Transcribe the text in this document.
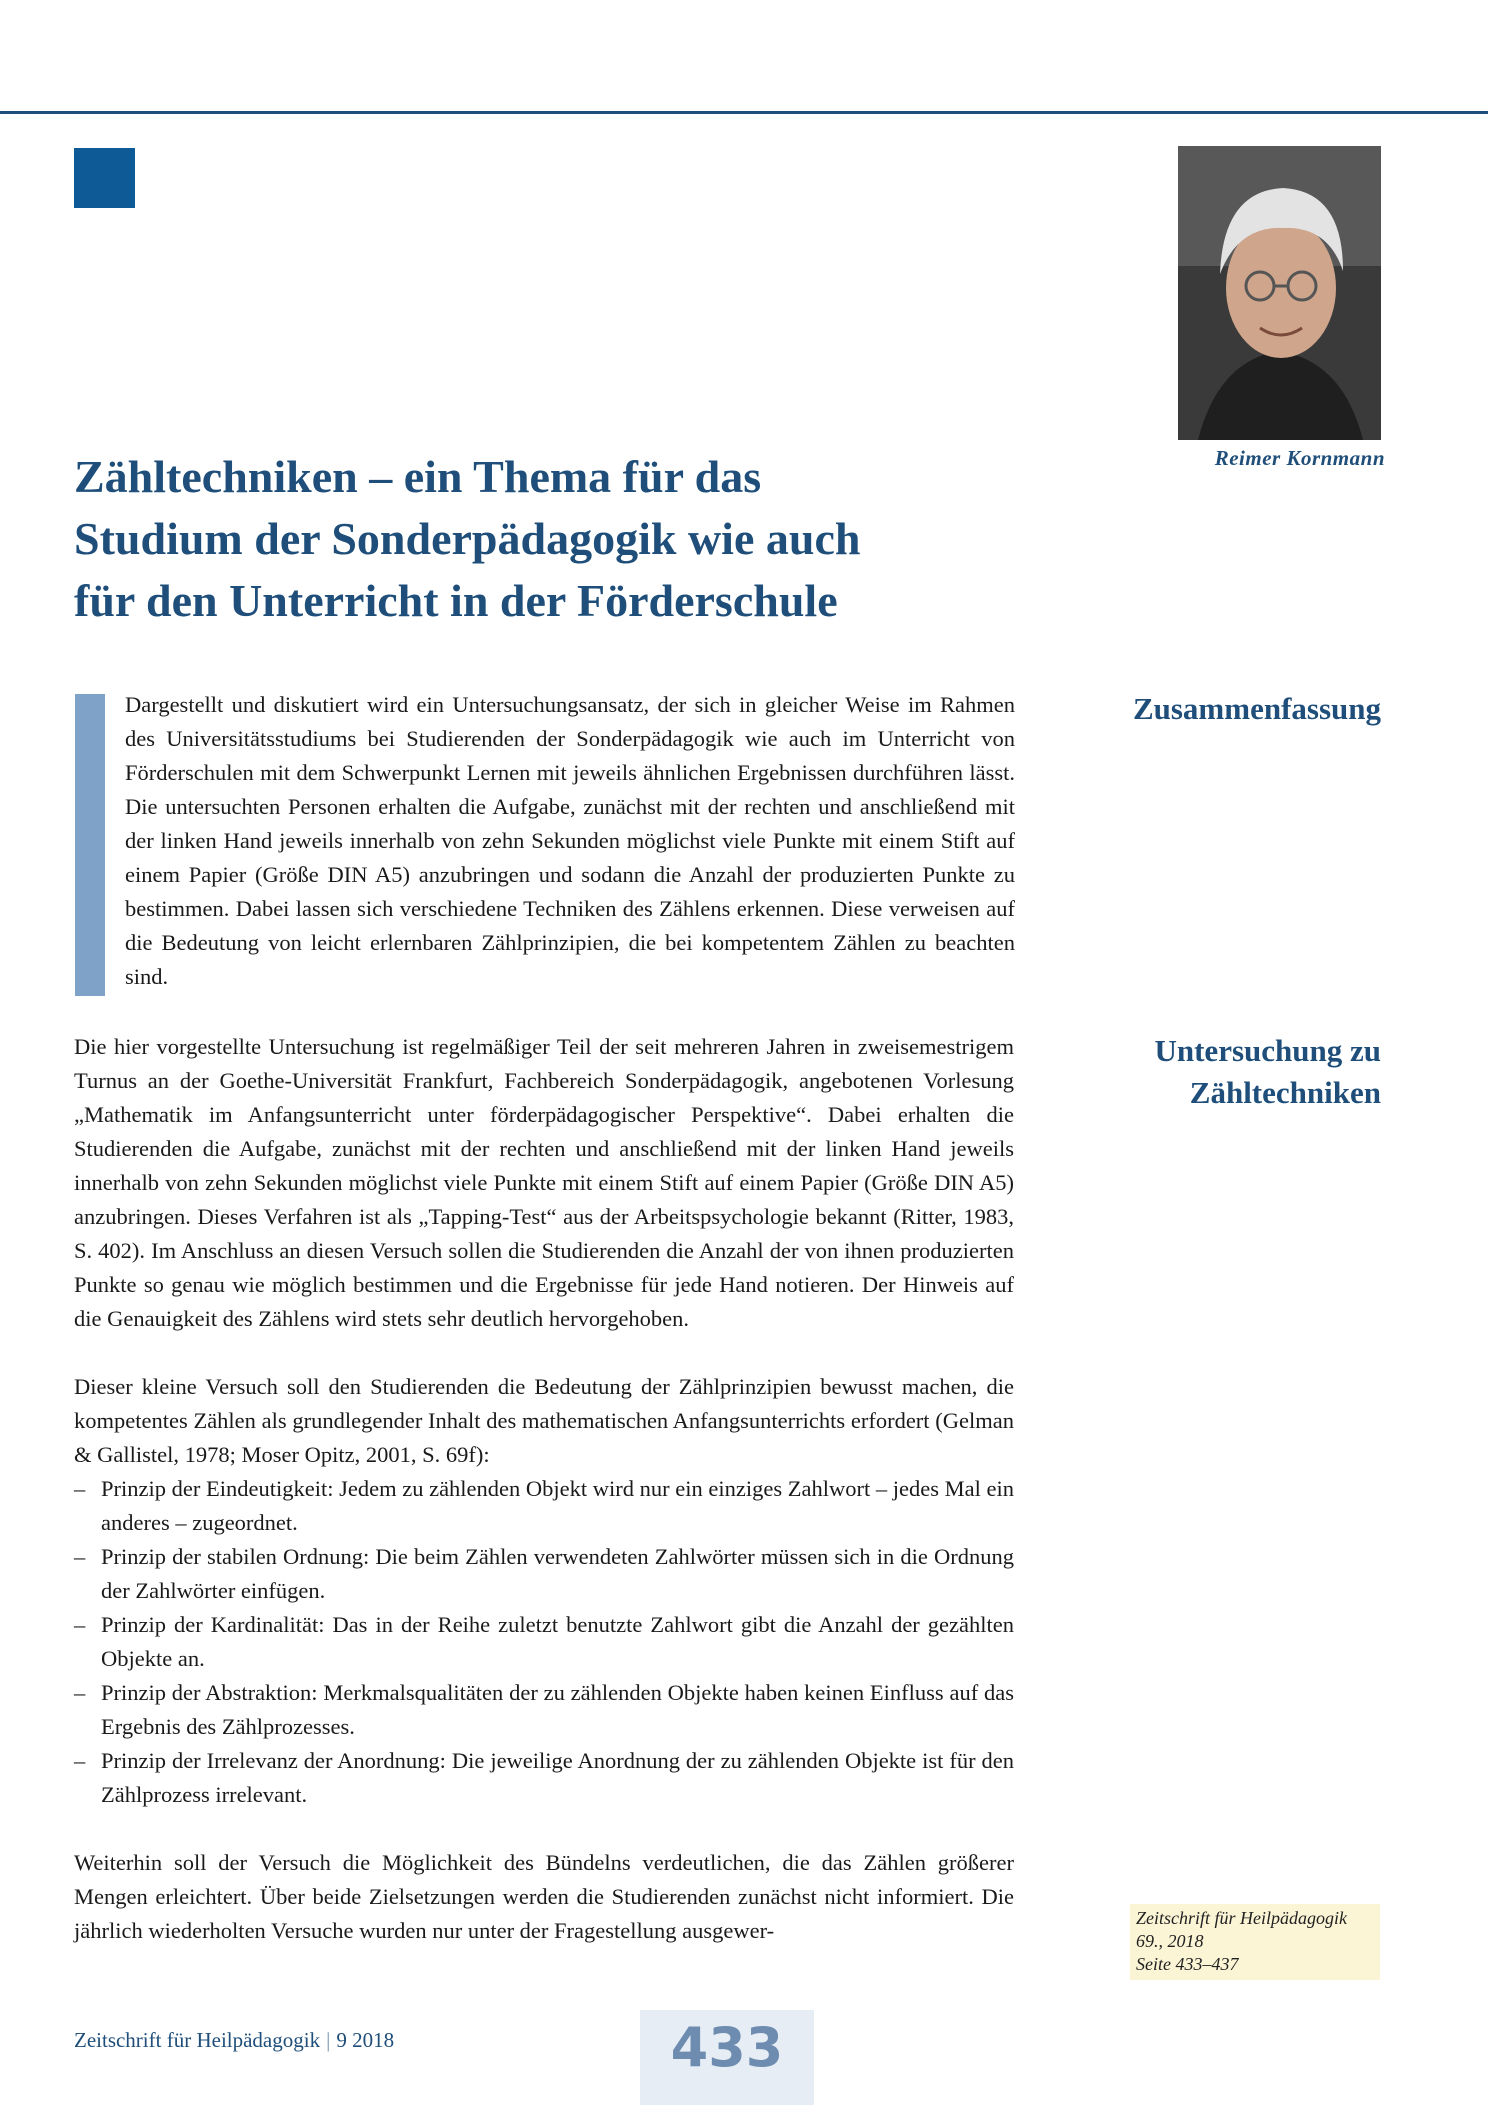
Reimer Kornmann
Zähltechniken – ein Thema für das
Studium der Sonderpädagogik wie auch
für den Unterricht in der Förderschule

Dargestellt und diskutiert wird ein Untersuchungsansatz, der sich in gleicher Weise im Rahmen des Universitätsstudiums bei Studierenden der Sonderpädagogik wie auch im Unterricht von Förderschulen mit dem Schwerpunkt Lernen mit jeweils ähnlichen Ergebnissen durchführen lässt. Die untersuchten Personen erhalten die Aufgabe, zunächst mit der rechten und anschließend mit der linken Hand jeweils innerhalb von zehn Sekunden möglichst viele Punkte mit einem Stift auf einem Papier (Größe DIN A5) anzubringen und sodann die Anzahl der produzierten Punkte zu bestimmen. Dabei lassen sich verschiedene Techniken des Zählens erkennen. Diese verweisen auf die Bedeutung von leicht erlernbaren Zählprinzipien, die bei kompetentem Zählen zu beachten sind.

Zusammenfassung
Untersuchung zu
Zähltechniken

Die hier vorgestellte Untersuchung ist regelmäßiger Teil der seit mehreren Jahren in zweisemestrigem Turnus an der Goethe-Universität Frankfurt, Fachbereich Sonderpädagogik, angebotenen Vorlesung „Mathematik im Anfangsunterricht unter förderpädagogischer Perspektive“. Dabei erhalten die Studierenden die Aufgabe, zunächst mit der rechten und anschließend mit der linken Hand jeweils innerhalb von zehn Sekunden möglichst viele Punkte mit einem Stift auf einem Papier (Größe DIN A5) anzubringen. Dieses Verfahren ist als „Tapping-Test“ aus der Arbeitspsychologie bekannt (Ritter, 1983, S. 402). Im Anschluss an diesen Versuch sollen die Studierenden die Anzahl der von ihnen produzierten Punkte so genau wie möglich bestimmen und die Ergebnisse für jede Hand notieren. Der Hinweis auf die Genauigkeit des Zählens wird stets sehr deutlich hervorgehoben.

Dieser kleine Versuch soll den Studierenden die Bedeutung der Zählprinzipien bewusst machen, die kompetentes Zählen als grundlegender Inhalt des mathematischen Anfangsunterrichts erfordert (Gelman & Gallistel, 1978; Moser Opitz, 2001, S. 69f):

– Prinzip der Eindeutigkeit: Jedem zu zählenden Objekt wird nur ein einziges Zahlwort – jedes Mal ein anderes – zugeordnet.
– Prinzip der stabilen Ordnung: Die beim Zählen verwendeten Zahlwörter müssen sich in die Ordnung der Zahlwörter einfügen.
– Prinzip der Kardinalität: Das in der Reihe zuletzt benutzte Zahlwort gibt die Anzahl der gezählten Objekte an.
– Prinzip der Abstraktion: Merkmalsqualitäten der zu zählenden Objekte haben keinen Einfluss auf das Ergebnis des Zählprozesses.
– Prinzip der Irrelevanz der Anordnung: Die jeweilige Anordnung der zu zählenden Objekte ist für den Zählprozess irrelevant.

Weiterhin soll der Versuch die Möglichkeit des Bündelns verdeutlichen, die das Zählen größerer Mengen erleichtert. Über beide Zielsetzungen werden die Studierenden zunächst nicht informiert. Die jährlich wiederholten Versuche wurden nur unter der Fragestellung ausgewer-	Zeitschrift für Heilpädagogik
69., 2018
Seite 433–437
Zeitschrift für Heilpädagogik | 9 2018	433
